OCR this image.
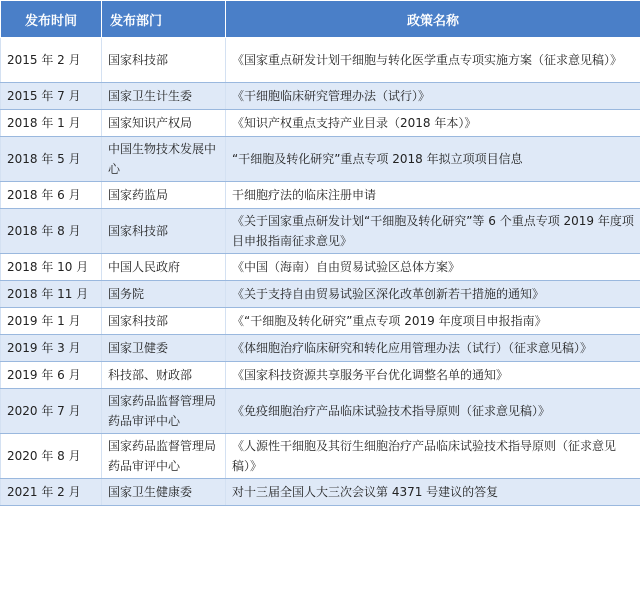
发布时间	发布部门	政策名称
2015 年 2 月	国家科技部	《国家重点研发计划干细胞与转化医学重点专项实施方案（征求意见稿）》
2015 年 7 月	国家卫生计生委	《干细胞临床研究管理办法（试行）》
2018 年 1 月	国家知识产权局	《知识产权重点支持产业目录（2018 年本）》
2018 年 5 月	中国生物技术发展中心	“干细胞及转化研究”重点专项 2018 年拟立项项目信息
2018 年 6 月	国家药监局	干细胞疗法的临床注册申请
2018 年 8 月	国家科技部	《关于国家重点研发计划“干细胞及转化研究”等 6 个重点专项 2019 年度项目申报指南征求意见》
2018 年 10 月	中国人民政府	《中国（海南）自由贸易试验区总体方案》
2018 年 11 月	国务院	《关于支持自由贸易试验区深化改革创新若干措施的通知》
2019 年 1 月	国家科技部	《“干细胞及转化研究”重点专项 2019 年度项目申报指南》
2019 年 3 月	国家卫健委	《体细胞治疗临床研究和转化应用管理办法（试行）（征求意见稿）》
2019 年 6 月	科技部、财政部	《国家科技资源共享服务平台优化调整名单的通知》
2020 年 7 月	国家药品监督管理局药品审评中心	《免疫细胞治疗产品临床试验技术指导原则（征求意见稿）》
2020 年 8 月	国家药品监督管理局药品审评中心	《人源性干细胞及其衍生细胞治疗产品临床试验技术指导原则（征求意见稿）》
2021 年 2 月	国家卫生健康委	对十三届全国人大三次会议第 4371 号建议的答复
